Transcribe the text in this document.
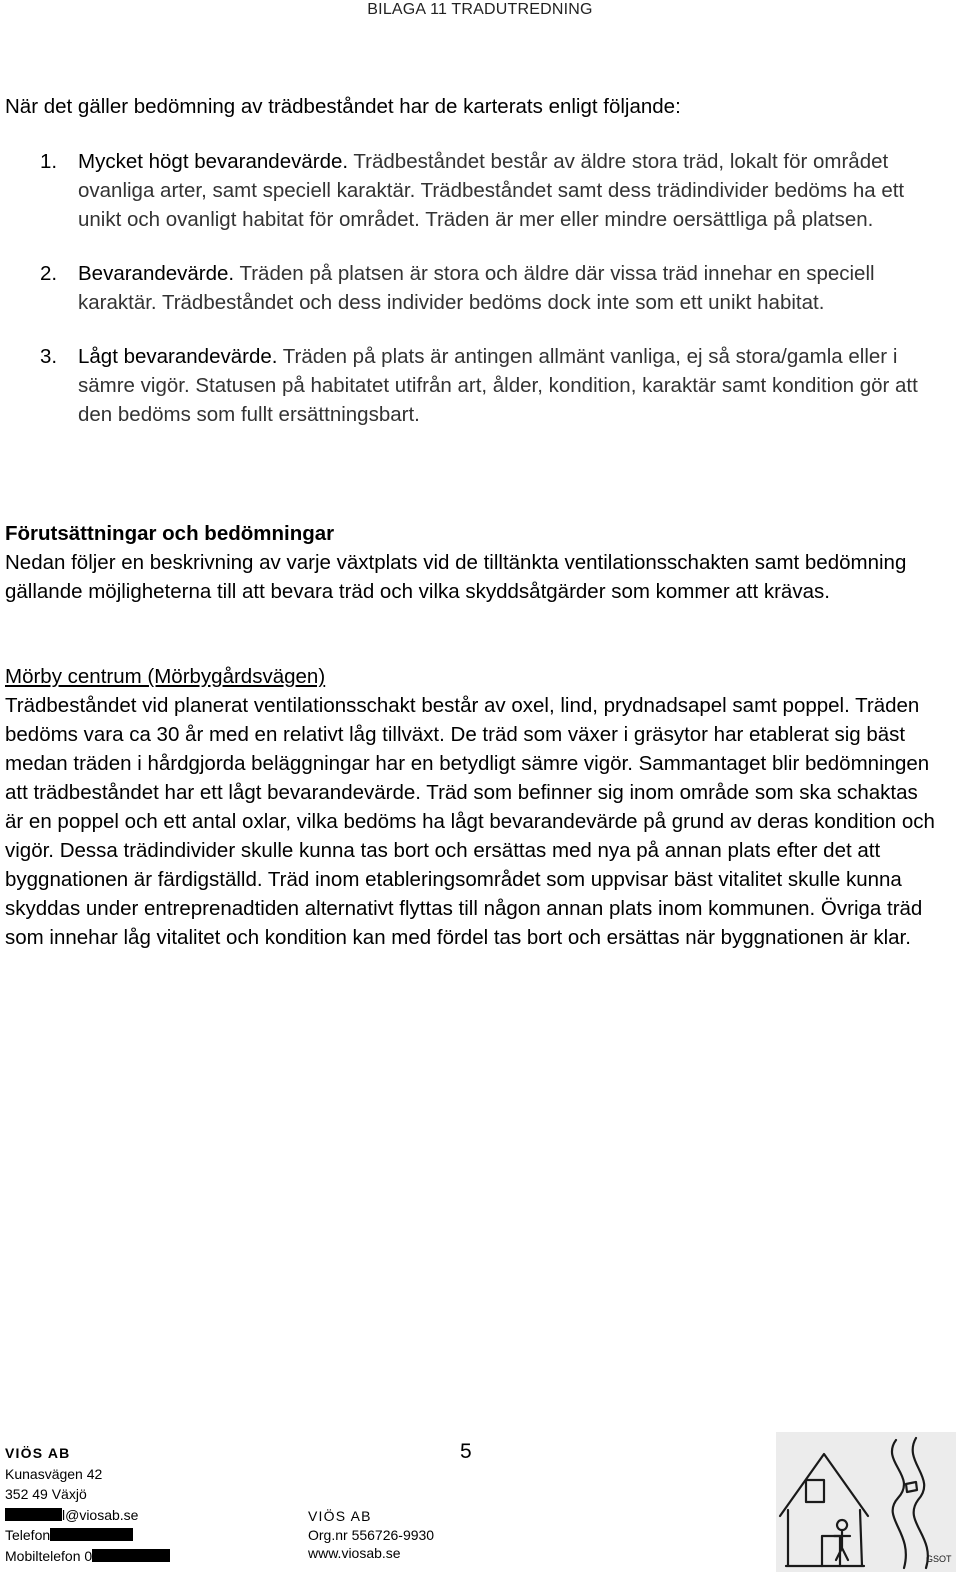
BILAGA 11 TRADUTREDNING

När det gäller bedömning av trädbeståndet har de karterats enligt följande:

1. Mycket högt bevarandevärde. Trädbeståndet består av äldre stora träd, lokalt för området ovanliga arter, samt speciell karaktär. Trädbeståndet samt dess trädindivider bedöms ha ett unikt och ovanligt habitat för området. Träden är mer eller mindre oersättliga på platsen.
2. Bevarandevärde. Träden på platsen är stora och äldre där vissa träd innehar en speciell karaktär. Trädbeståndet och dess individer bedöms dock inte som ett unikt habitat.
3. Lågt bevarandevärde. Träden på plats är antingen allmänt vanliga, ej så stora/gamla eller i sämre vigör. Statusen på habitatet utifrån art, ålder, kondition, karaktär samt kondition gör att den bedöms som fullt ersättningsbart.
Förutsättningar och bedömningar

Nedan följer en beskrivning av varje växtplats vid de tilltänkta ventilationsschakten samt bedömning gällande möjligheterna till att bevara träd och vilka skyddsåtgärder som kommer att krävas.

Mörby centrum (Mörbygårdsvägen)

Trädbeståndet vid planerat ventilationsschakt består av oxel, lind, prydnadsapel samt poppel. Träden bedöms vara ca 30 år med en relativt låg tillväxt. De träd som växer i gräsytor har etablerat sig bäst medan träden i hårdgjorda beläggningar har en betydligt sämre vigör. Sammantaget blir bedömningen att trädbeståndet har ett lågt bevarandevärde. Träd som befinner sig inom område som ska schaktas är en poppel och ett antal oxlar, vilka bedöms ha lågt bevarandevärde på grund av deras kondition och vigör. Dessa trädindivider skulle kunna tas bort och ersättas med nya på annan plats efter det att byggnationen är färdigställd. Träd inom etableringsområdet som uppvisar bäst vitalitet skulle kunna skyddas under entreprenadtiden alternativt flyttas till någon annan plats inom kommunen. Övriga träd som innehar låg vitalitet och kondition kan med fördel tas bort och ersättas när byggnationen är klar.

VIÖS AB
Kunasvägen 42
352 49 Växjö
l@viosab.se
Telefon
Mobiltelefon 0
5
VIÖS AB
Org.nr 556726-9930
www.viosab.se	GSOT
